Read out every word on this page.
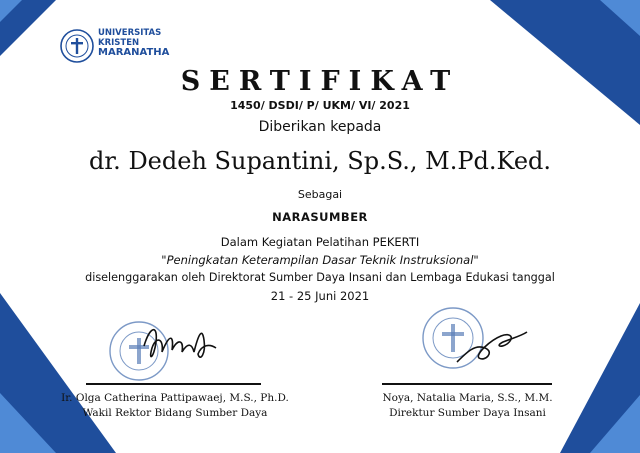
UNIVERSITAS
KRISTEN
MARANATHA
SERTIFIKAT
1450/ DSDI/ P/ UKM/ VI/ 2021
Diberikan kepada
dr. Dedeh Supantini, Sp.S., M.Pd.Ked.
Sebagai
NARASUMBER
Dalam Kegiatan Pelatihan PEKERTI
"Peningkatan Keterampilan Dasar Teknik Instruksional"
diselenggarakan oleh Direktorat Sumber Daya Insani dan Lembaga Edukasi tanggal
21 - 25 Juni 2021
Ir. Olga Catherina Pattipawaej, M.S., Ph.D.
Wakil Rektor Bidang Sumber Daya
Noya, Natalia Maria, S.S., M.M.
Direktur Sumber Daya Insani
